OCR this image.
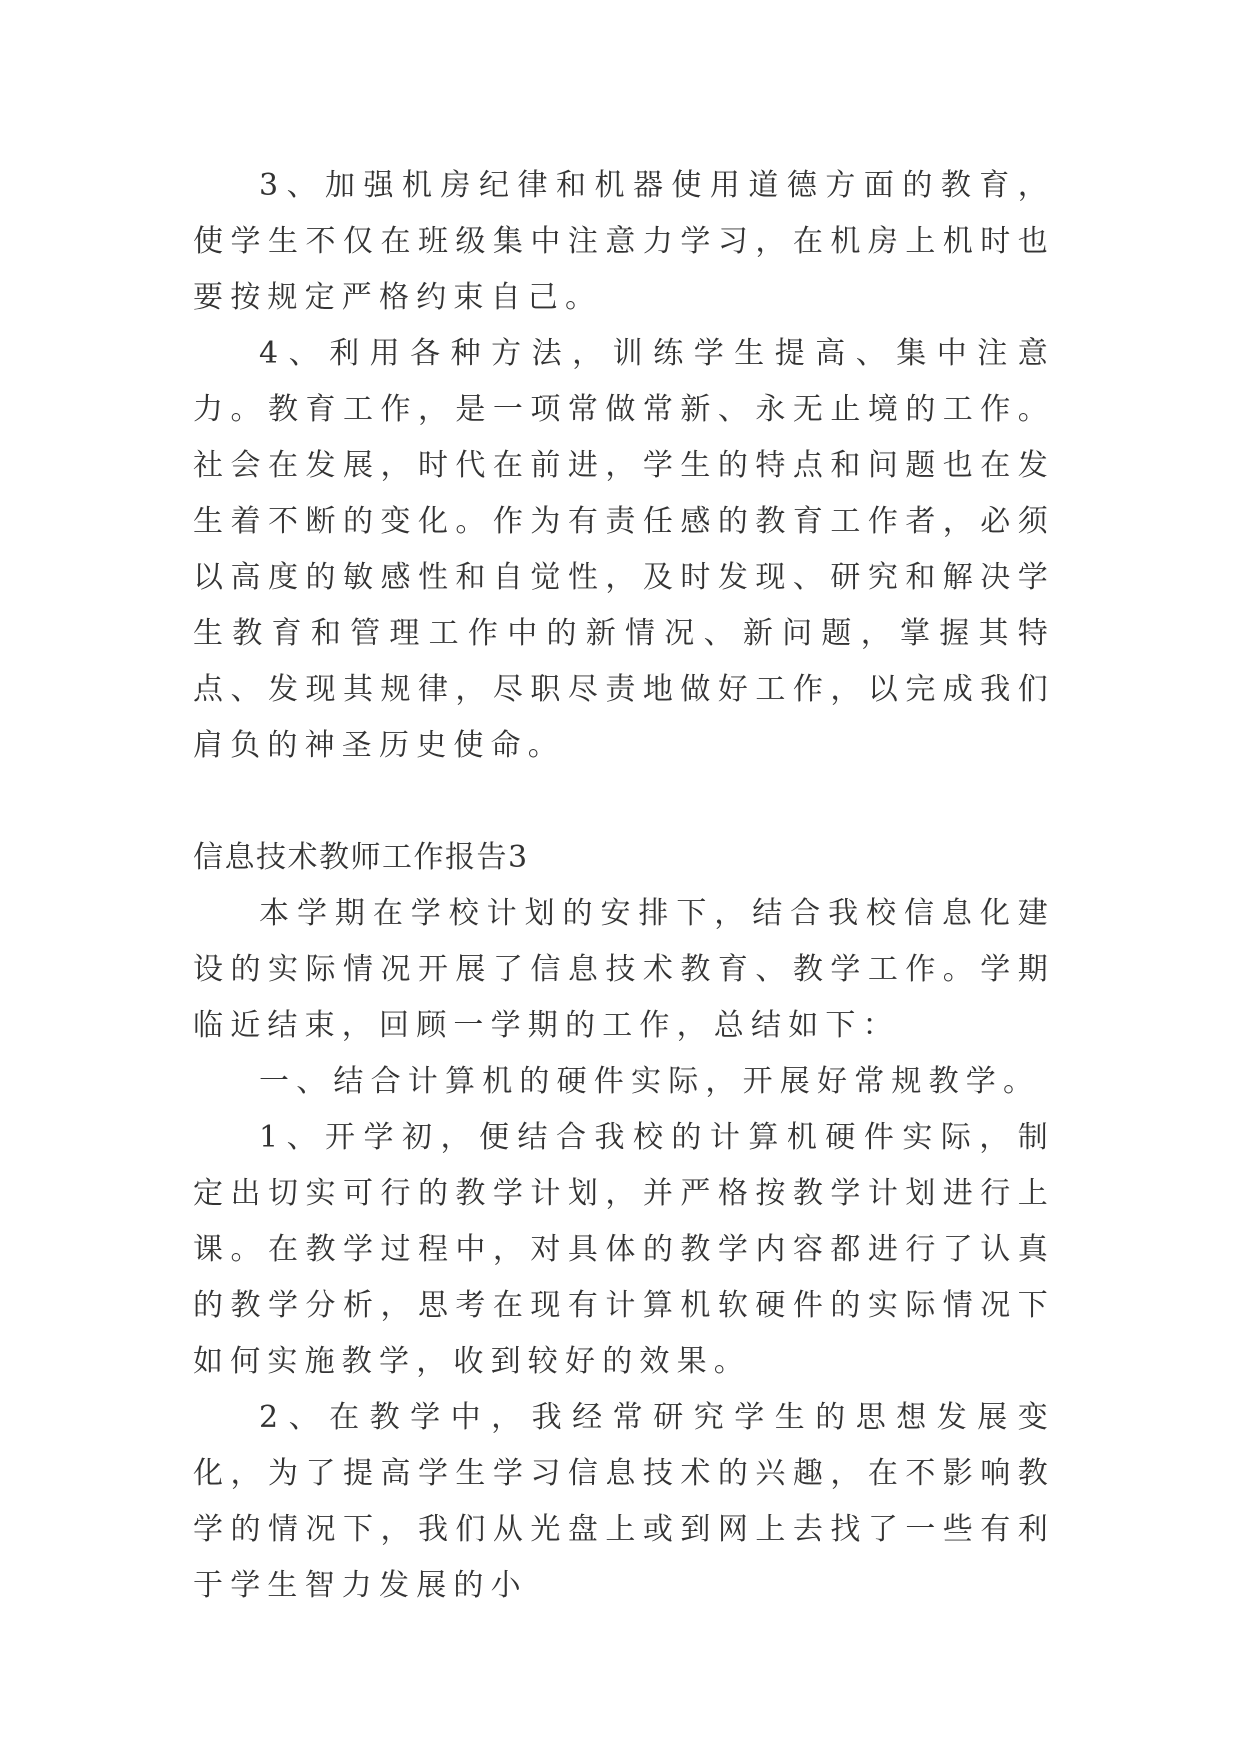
3、加强机房纪律和机器使用道德方面的教育，使学生不仅在班级集中注意力学习，在机房上机时也要按规定严格约束自己。

4、利用各种方法，训练学生提高、集中注意力。教育工作，是一项常做常新、永无止境的工作。社会在发展，时代在前进，学生的特点和问题也在发生着不断的变化。作为有责任感的教育工作者，必须以高度的敏感性和自觉性，及时发现、研究和解决学生教育和管理工作中的新情况、新问题，掌握其特点、发现其规律，尽职尽责地做好工作，以完成我们肩负的神圣历史使命。

信息技术教师工作报告3

本学期在学校计划的安排下，结合我校信息化建设的实际情况开展了信息技术教育、教学工作。学期临近结束，回顾一学期的工作，总结如下：

一、结合计算机的硬件实际，开展好常规教学。

1、开学初，便结合我校的计算机硬件实际，制定出切实可行的教学计划，并严格按教学计划进行上课。在教学过程中，对具体的教学内容都进行了认真的教学分析，思考在现有计算机软硬件的实际情况下如何实施教学，收到较好的效果。

2、在教学中，我经常研究学生的思想发展变化，为了提高学生学习信息技术的兴趣，在不影响教学的情况下，我们从光盘上或到网上去找了一些有利于学生智力发展的小
